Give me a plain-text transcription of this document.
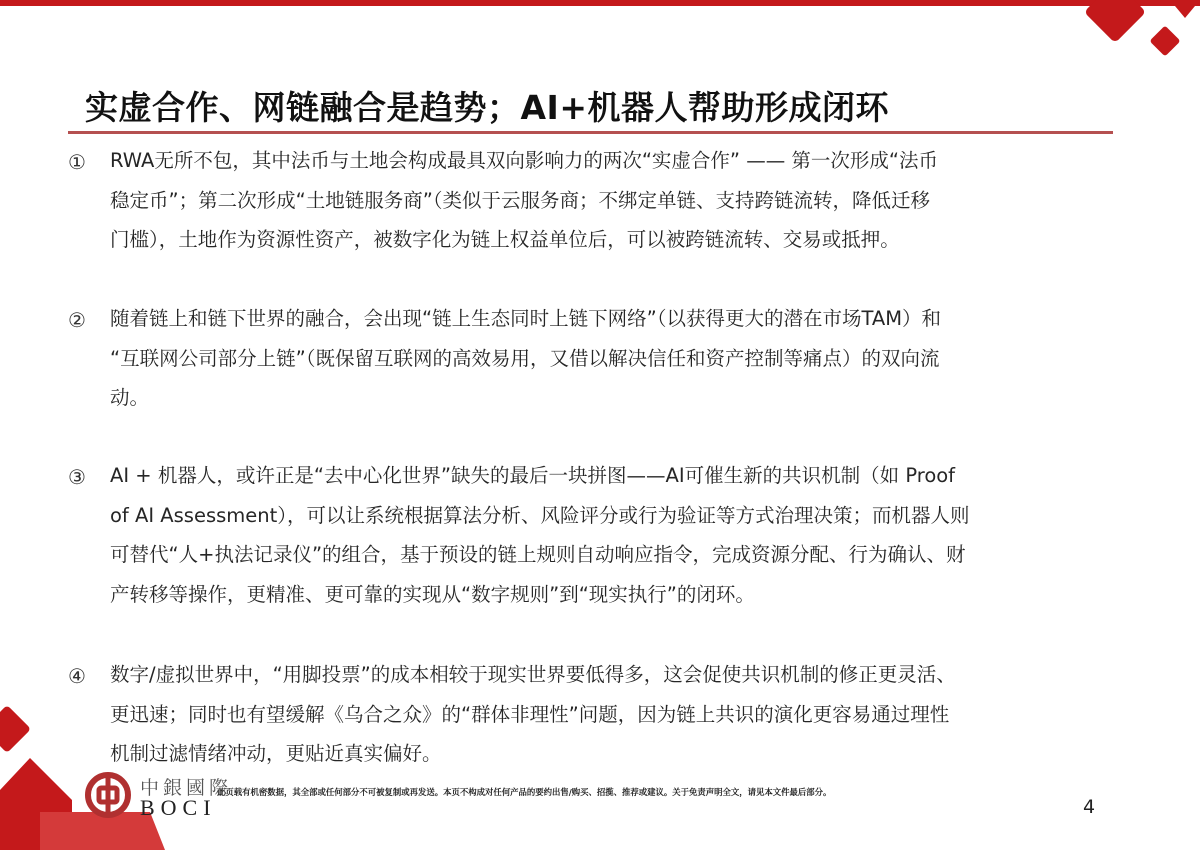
实虚合作、网链融合是趋势；AI+机器人帮助形成闭环
① RWA无所不包，其中法币与土地会构成最具双向影响力的两次“实虚合作” —— 第一次形成“法币
稳定币”；第二次形成“土地链服务商”（类似于云服务商；不绑定单链、支持跨链流转，降低迁移
门槛），土地作为资源性资产，被数字化为链上权益单位后，可以被跨链流转、交易或抵押。
② 随着链上和链下世界的融合，会出现“链上生态同时上链下网络”（以获得更大的潜在市场TAM）和
“互联网公司部分上链”（既保留互联网的高效易用，又借以解决信任和资产控制等痛点）的双向流
动。
③ AI + 机器人，或许正是“去中心化世界”缺失的最后一块拼图——AI可催生新的共识机制（如 Proof
of AI Assessment），可以让系统根据算法分析、风险评分或行为验证等方式治理决策；而机器人则
可替代“人+执法记录仪”的组合，基于预设的链上规则自动响应指令，完成资源分配、行为确认、财
产转移等操作，更精准、更可靠的实现从“数字规则”到“现实执行”的闭环。
④ 数字/虚拟世界中，“用脚投票”的成本相较于现实世界要低得多，这会促使共识机制的修正更灵活、
更迅速；同时也有望缓解《乌合之众》的“群体非理性”问题，因为链上共识的演化更容易通过理性
机制过滤情绪冲动，更贴近真实偏好。
中銀國際
BOCI
此页载有机密数据，其全部或任何部分不可被复制或再发送。本页不构成对任何产品的要约出售/购买、招揽、推荐或建议。关于免责声明全文，请见本文件最后部分。
4
